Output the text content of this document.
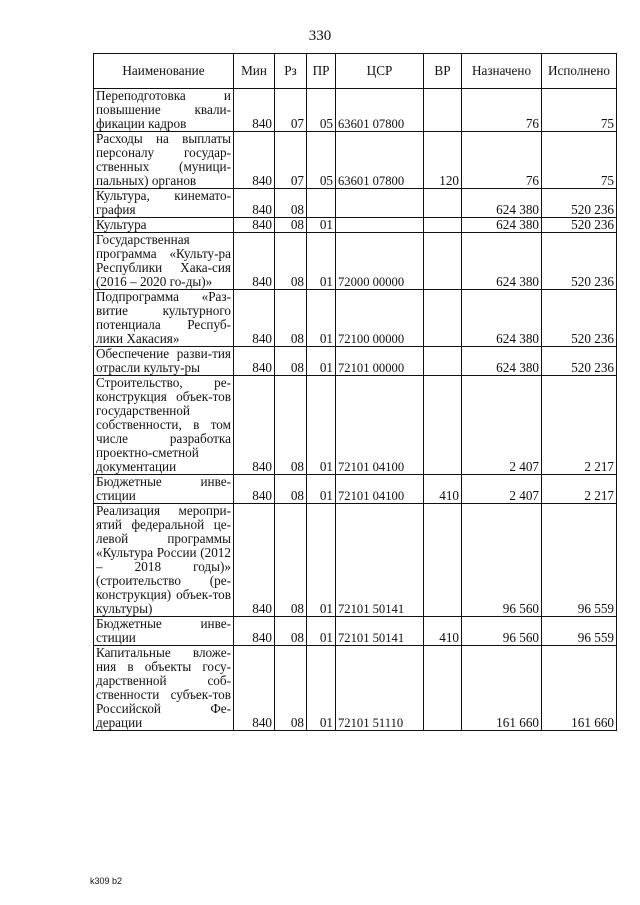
330
Наименование	Мин	Рз	ПР	ЦСР	ВР	Назначено	Исполнено
Переподготовка и повышение квали-фикации кадров	840	07	05	63601 07800		76	75
Расходы на выплаты персоналу государ-ственных (муници-пальных) органов	840	07	05	63601 07800	120	76	75
Культура, кинемато-графия	840	08				624 380	520 236
Культура	840	08	01			624 380	520 236
Государственная программа «Культу-ра Республики Хака-сия (2016 – 2020 го-ды)»	840	08	01	72000 00000		624 380	520 236
Подпрограмма «Раз-витие культурного потенциала Респуб-лики Хакасия»	840	08	01	72100 00000		624 380	520 236
Обеспечение разви-тия отрасли культу-ры	840	08	01	72101 00000		624 380	520 236
Строительство, ре-конструкция объек-тов государственной собственности, в том числе разработка проектно-сметной документации	840	08	01	72101 04100		2 407	2 217
Бюджетные инве-стиции	840	08	01	72101 04100	410	2 407	2 217
Реализация меропри-ятий федеральной це-левой программы «Культура России (2012 – 2018 годы)» (строительство (ре-конструкция) объек-тов культуры)	840	08	01	72101 50141		96 560	96 559
Бюджетные инве-стиции	840	08	01	72101 50141	410	96 560	96 559
Капитальные вложе-ния в объекты госу-дарственной соб-ственности субъек-тов Российской Фе-дерации	840	08	01	72101 51110		161 660	161 660
k309 b2
